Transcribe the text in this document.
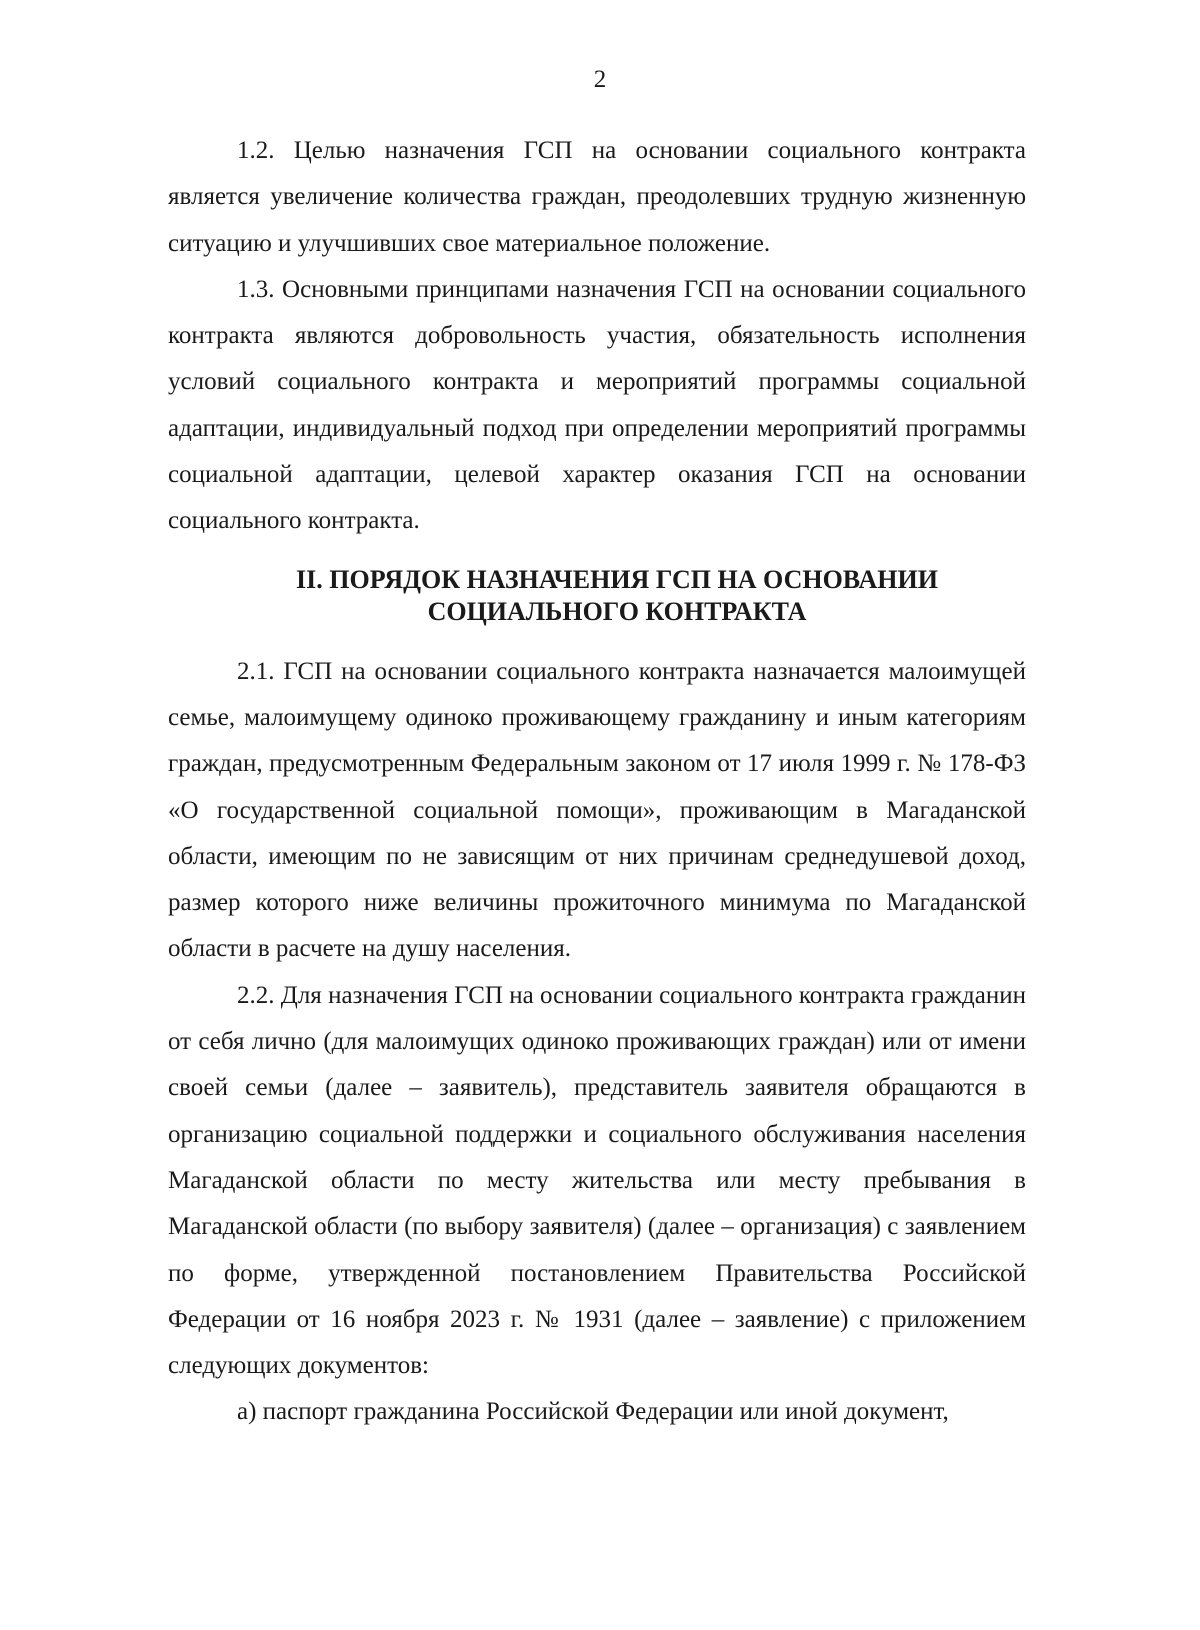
2

1.2. Целью назначения ГСП на основании социального контракта является увеличение количества граждан, преодолевших трудную жизненную ситуацию и улучшивших свое материальное положение.

1.3. Основными принципами назначения ГСП на основании социального контракта являются добровольность участия, обязательность исполнения условий социального контракта и мероприятий программы социальной адаптации, индивидуальный подход при определении мероприятий программы социальной адаптации, целевой характер оказания ГСП на основании социального контракта.

II. ПОРЯДОК НАЗНАЧЕНИЯ ГСП НА ОСНОВАНИИ
СОЦИАЛЬНОГО КОНТРАКТА

2.1. ГСП на основании социального контракта назначается малоимущей семье, малоимущему одиноко проживающему гражданину и иным категориям граждан, предусмотренным Федеральным законом от 17 июля 1999 г. № 178-ФЗ «О государственной социальной помощи», проживающим в Магаданской области, имеющим по не зависящим от них причинам среднедушевой доход, размер которого ниже величины прожиточного минимума по Магаданской области в расчете на душу населения.

2.2. Для назначения ГСП на основании социального контракта гражданин от себя лично (для малоимущих одиноко проживающих граждан) или от имени своей семьи (далее – заявитель), представитель заявителя обращаются в организацию социальной поддержки и социального обслуживания населения Магаданской области по месту жительства или месту пребывания в Магаданской области (по выбору заявителя) (далее – организация) с заявлением по форме, утвержденной постановлением Правительства Российской Федерации от 16 ноября 2023 г. № 1931 (далее – заявление) с приложением следующих документов:

а) паспорт гражданина Российской Федерации или иной документ,
